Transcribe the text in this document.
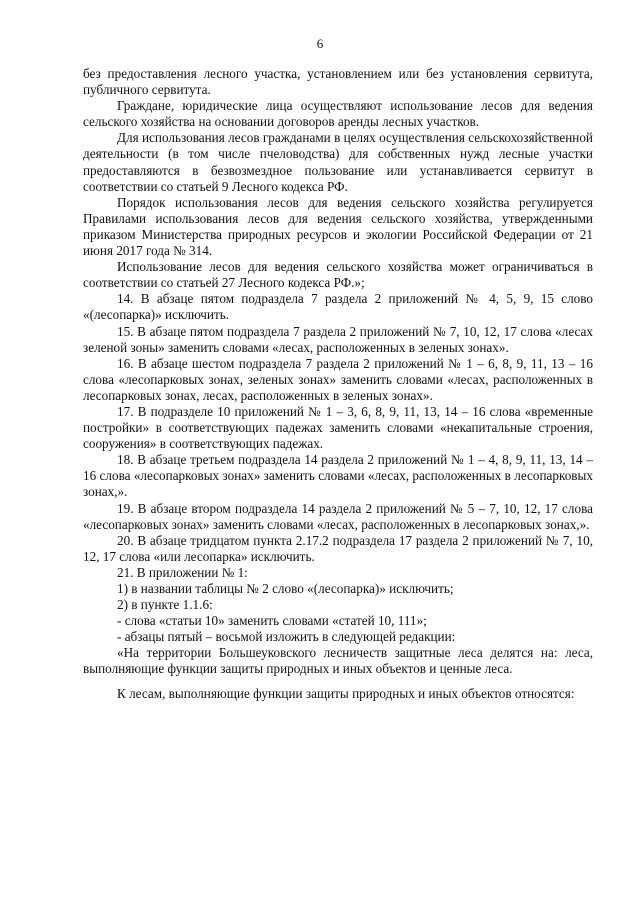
6

без предоставления лесного участка, установлением или без установления сервитута, публичного сервитута.

Граждане, юридические лица осуществляют использование лесов для ведения сельского хозяйства на основании договоров аренды лесных участков.

Для использования лесов гражданами в целях осуществления сельскохозяйственной деятельности (в том числе пчеловодства) для собственных нужд лесные участки предоставляются в безвозмездное пользование или устанавливается сервитут в соответствии со статьей 9 Лесного кодекса РФ.

Порядок использования лесов для ведения сельского хозяйства регулируется Правилами использования лесов для ведения сельского хозяйства, утвержденными приказом Министерства природных ресурсов и экологии Российской Федерации от 21 июня 2017 года № 314.

Использование лесов для ведения сельского хозяйства может ограничиваться в соответствии со статьей 27 Лесного кодекса РФ.»;

14. В абзаце пятом подраздела 7 раздела 2 приложений № 4, 5, 9, 15 слово «(лесопарка)» исключить.

15. В абзаце пятом подраздела 7 раздела 2 приложений № 7, 10, 12, 17 слова «лесах зеленой зоны» заменить словами «лесах, расположенных в зеленых зонах».

16. В абзаце шестом подраздела 7 раздела 2 приложений № 1 – 6, 8, 9, 11, 13 – 16 слова «лесопарковых зонах, зеленых зонах» заменить словами «лесах, расположенных в лесопарковых зонах, лесах, расположенных в зеленых зонах».

17. В подразделе 10 приложений № 1 – 3, 6, 8, 9, 11, 13, 14 – 16 слова «временные постройки» в соответствующих падежах заменить словами «некапитальные строения, сооружения» в соответствующих падежах.

18. В абзаце третьем подраздела 14 раздела 2 приложений № 1 – 4, 8, 9, 11, 13, 14 – 16 слова «лесопарковых зонах» заменить словами «лесах, расположенных в лесопарковых зонах,».

19. В абзаце втором подраздела 14 раздела 2 приложений № 5 – 7, 10, 12, 17 слова «лесопарковых зонах» заменить словами «лесах, расположенных в лесопарковых зонах,».

20. В абзаце тридцатом пункта 2.17.2 подраздела 17 раздела 2 приложений № 7, 10, 12, 17 слова «или лесопарка» исключить.

21. В приложении № 1:

1) в названии таблицы № 2 слово «(лесопарка)» исключить;

2) в пункте 1.1.6:

- слова «статьи 10» заменить словами «статей 10, 111»;

- абзацы пятый – восьмой изложить в следующей редакции:

«На территории Большеуковского лесничеств защитные леса делятся на: леса, выполняющие функции защиты природных и иных объектов и ценные леса.

К лесам, выполняющие функции защиты природных и иных объектов относятся:
